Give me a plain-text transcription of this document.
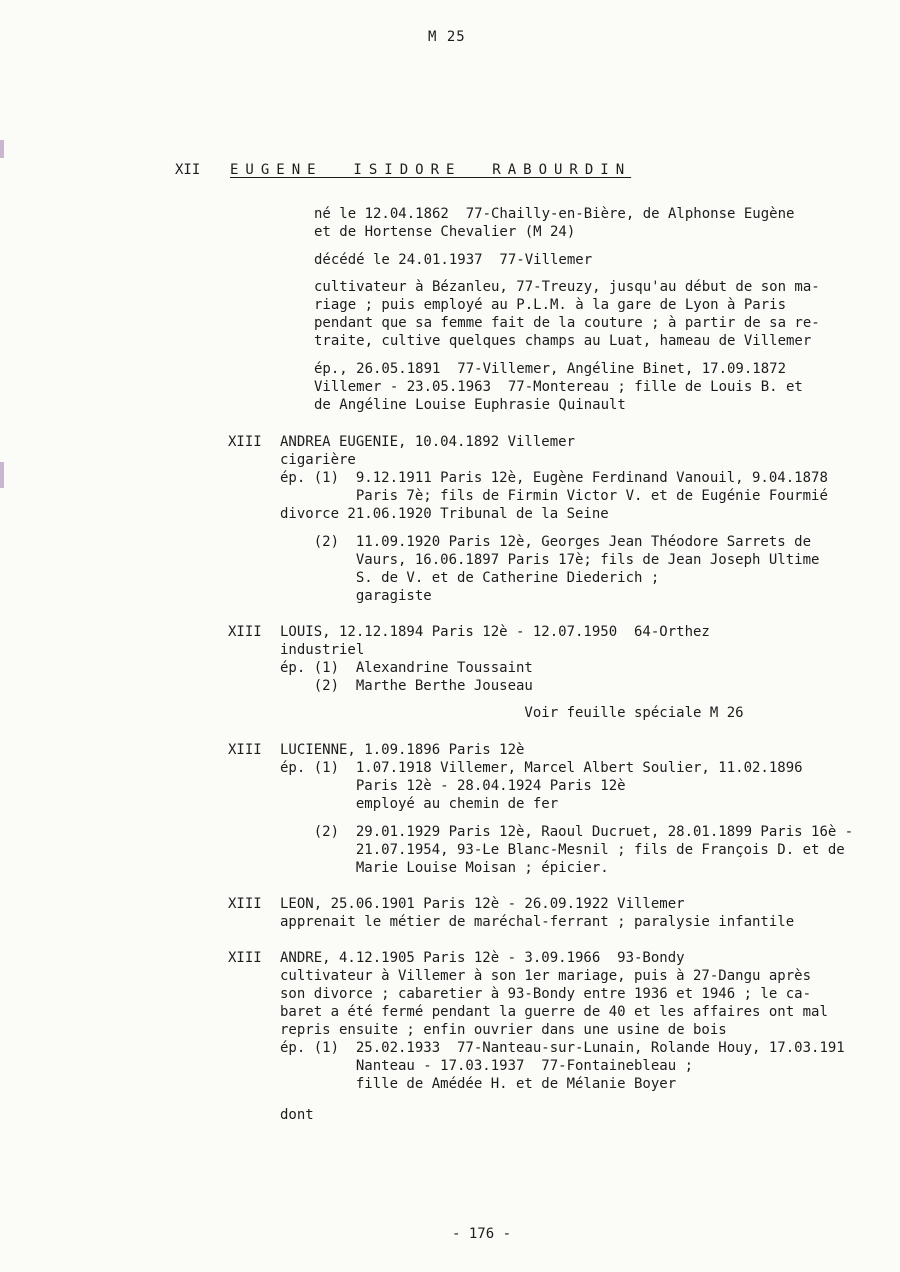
M 25
XII EUGENE  ISIDORE  RABOURDIN
né le 12.04.1862  77-Chailly-en-Bière, de Alphonse Eugène
et de Hortense Chevalier (M 24)
décédé le 24.01.1937  77-Villemer
cultivateur à Bézanleu, 77-Treuzy, jusqu'au début de son ma-
riage ; puis employé au P.L.M. à la gare de Lyon à Paris
pendant que sa femme fait de la couture ; à partir de sa re-
traite, cultive quelques champs au Luat, hameau de Villemer
ép., 26.05.1891  77-Villemer, Angéline Binet, 17.09.1872
Villemer - 23.05.1963  77-Montereau ; fille de Louis B. et
de Angéline Louise Euphrasie Quinault
XIII ANDREA EUGENIE, 10.04.1892 Villemer
cigarière
ép. (1)  9.12.1911 Paris 12è, Eugène Ferdinand Vanouil, 9.04.1878
Paris 7è; fils de Firmin Victor V. et de Eugénie Fourmié
divorce 21.06.1920 Tribunal de la Seine
(2)  11.09.1920 Paris 12è, Georges Jean Théodore Sarrets de
Vaurs, 16.06.1897 Paris 17è; fils de Jean Joseph Ultime
S. de V. et de Catherine Diederich ;
garagiste
XIII LOUIS, 12.12.1894 Paris 12è - 12.07.1950  64-Orthez
industriel
ép. (1)  Alexandrine Toussaint
(2)  Marthe Berthe Jouseau
Voir feuille spéciale M 26
XIII LUCIENNE, 1.09.1896 Paris 12è
ép. (1)  1.07.1918 Villemer, Marcel Albert Soulier, 11.02.1896
Paris 12è - 28.04.1924 Paris 12è
employé au chemin de fer
(2)  29.01.1929 Paris 12è, Raoul Ducruet, 28.01.1899 Paris 16è -
21.07.1954, 93-Le Blanc-Mesnil ; fils de François D. et de
Marie Louise Moisan ; épicier.
XIII LEON, 25.06.1901 Paris 12è - 26.09.1922 Villemer
apprenait le métier de maréchal-ferrant ; paralysie infantile
XIII ANDRE, 4.12.1905 Paris 12è - 3.09.1966  93-Bondy
cultivateur à Villemer à son 1er mariage, puis à 27-Dangu après
son divorce ; cabaretier à 93-Bondy entre 1936 et 1946 ; le ca-
baret a été fermé pendant la guerre de 40 et les affaires ont mal
repris ensuite ; enfin ouvrier dans une usine de bois
ép. (1)  25.02.1933  77-Nanteau-sur-Lunain, Rolande Houy, 17.03.191
Nanteau - 17.03.1937  77-Fontainebleau ;
fille de Amédée H. et de Mélanie Boyer
dont
- 176 -
